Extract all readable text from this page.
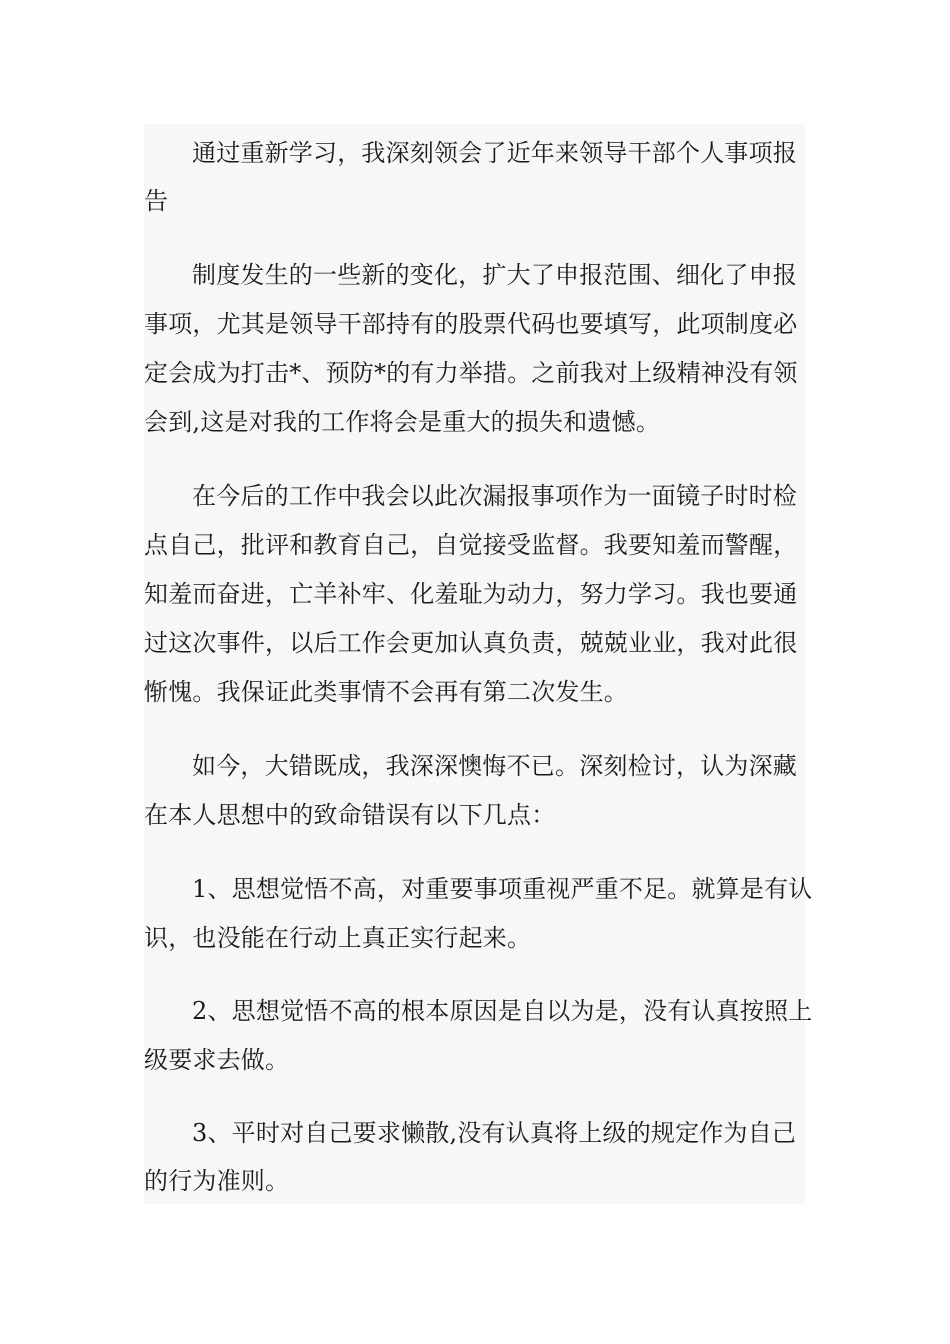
通过重新学习，我深刻领会了近年来领导干部个人事项报
告
制度发生的一些新的变化，扩大了申报范围、细化了申报
事项，尤其是领导干部持有的股票代码也要填写，此项制度必
定会成为打击*、预防*的有力举措。之前我对上级精神没有领
会到,这是对我的工作将会是重大的损失和遗憾。
在今后的工作中我会以此次漏报事项作为一面镜子时时检
点自己，批评和教育自己，自觉接受监督。我要知羞而警醒，
知羞而奋进，亡羊补牢、化羞耻为动力，努力学习。我也要通
过这次事件，以后工作会更加认真负责，兢兢业业，我对此很
惭愧。我保证此类事情不会再有第二次发生。
如今，大错既成，我深深懊悔不已。深刻检讨，认为深藏
在本人思想中的致命错误有以下几点：
1、思想觉悟不高，对重要事项重视严重不足。就算是有认
识，也没能在行动上真正实行起来。
2、思想觉悟不高的根本原因是自以为是，没有认真按照上
级要求去做。
3、平时对自己要求懒散,没有认真将上级的规定作为自己
的行为准则。
